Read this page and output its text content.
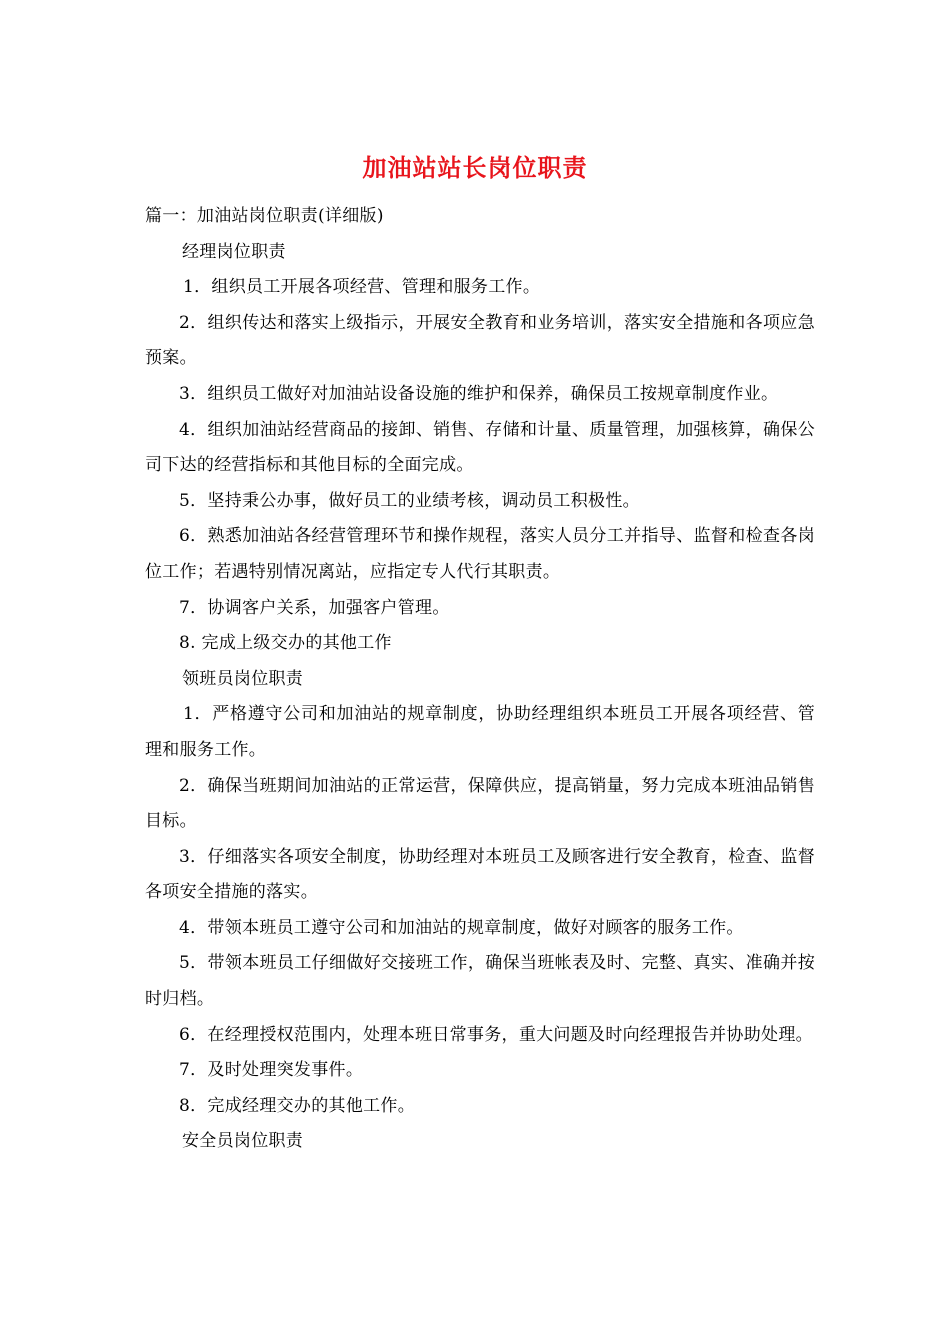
加油站站长岗位职责

篇一：加油站岗位职责(详细版)

经理岗位职责

1．组织员工开展各项经营、管理和服务工作。

2．组织传达和落实上级指示，开展安全教育和业务培训，落实安全措施和各项应急预案。

3．组织员工做好对加油站设备设施的维护和保养，确保员工按规章制度作业。

4．组织加油站经营商品的接卸、销售、存储和计量、质量管理，加强核算，确保公司下达的经营指标和其他目标的全面完成。

5．坚持秉公办事，做好员工的业绩考核，调动员工积极性。

6．熟悉加油站各经营管理环节和操作规程，落实人员分工并指导、监督和检查各岗位工作；若遇特别情况离站，应指定专人代行其职责。

7．协调客户关系，加强客户管理。

8. 完成上级交办的其他工作

领班员岗位职责

1．严格遵守公司和加油站的规章制度，协助经理组织本班员工开展各项经营、管理和服务工作。

2．确保当班期间加油站的正常运营，保障供应，提高销量，努力完成本班油品销售目标。

3．仔细落实各项安全制度，协助经理对本班员工及顾客进行安全教育，检查、监督各项安全措施的落实。

4．带领本班员工遵守公司和加油站的规章制度，做好对顾客的服务工作。

5．带领本班员工仔细做好交接班工作，确保当班帐表及时、完整、真实、准确并按时归档。

6．在经理授权范围内，处理本班日常事务，重大问题及时向经理报告并协助处理。

7．及时处理突发事件。

8．完成经理交办的其他工作。

安全员岗位职责
